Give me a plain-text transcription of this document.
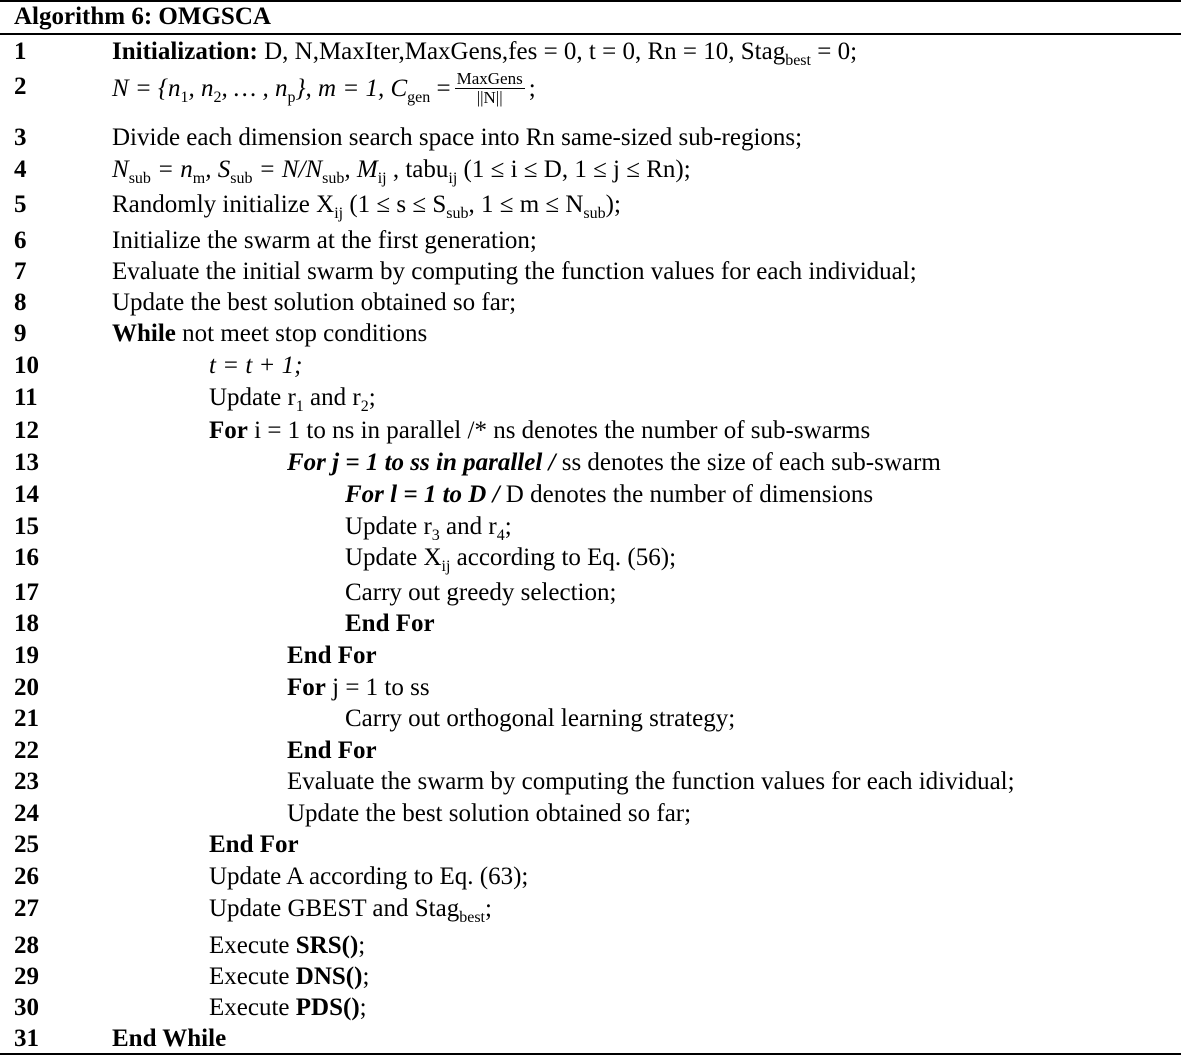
Algorithm 6: OMGSCA
1	Initialization: D, N,MaxIter,MaxGens,fes = 0, t = 0, Rn = 10, Stag$_{best}$ = 0;
2	$N = \{n_1$, $n_2$, … , $n_p$}, m = 1, $C_{gen} = \frac{\text{MaxGens}}{||N||}$ ;
3	Divide each dimension search space into Rn same-sized sub-regions;
4	$N_{sub} = n_m$, $S_{sub} = N/N_{sub}$, $M_{ij}$ , tabu$_{ij}$ (1 ≤ i ≤ D, 1 ≤ j ≤ Rn);
5	Randomly initialize $X_{ij}$ ($1 \le s \le S_{sub}$, $1 \le m \le N_{sub}$);
6	Initialize the swarm at the first generation;
7	Evaluate the initial swarm by computing the function values for each individual;
8	Update the best solution obtained so far;
9	While not meet stop conditions
10	t = t + 1;
11	Update $r_1$ and $r_2$;
12	For i = 1 to ns in parallel /* ns denotes the number of sub-swarms
13	For j = 1 to ss in parallel / ss denotes the size of each sub-swarm
14	For l = 1 to D / D denotes the number of dimensions
15	Update $r_3$ and $r_4$;
16	Update $X_{ij}$ according to Eq. (56);
17	Carry out greedy selection;
18	End For
19	End For
20	For j = 1 to ss
21	Carry out orthogonal learning strategy;
22	End For
23	Evaluate the swarm by computing the function values for each idividual;
24	Update the best solution obtained so far;
25	End For
26	Update A according to Eq. (63);
27	Update GBEST and Stag$_{best}$;
28	Execute SRS();
29	Execute DNS();
30	Execute PDS();
31	End While
